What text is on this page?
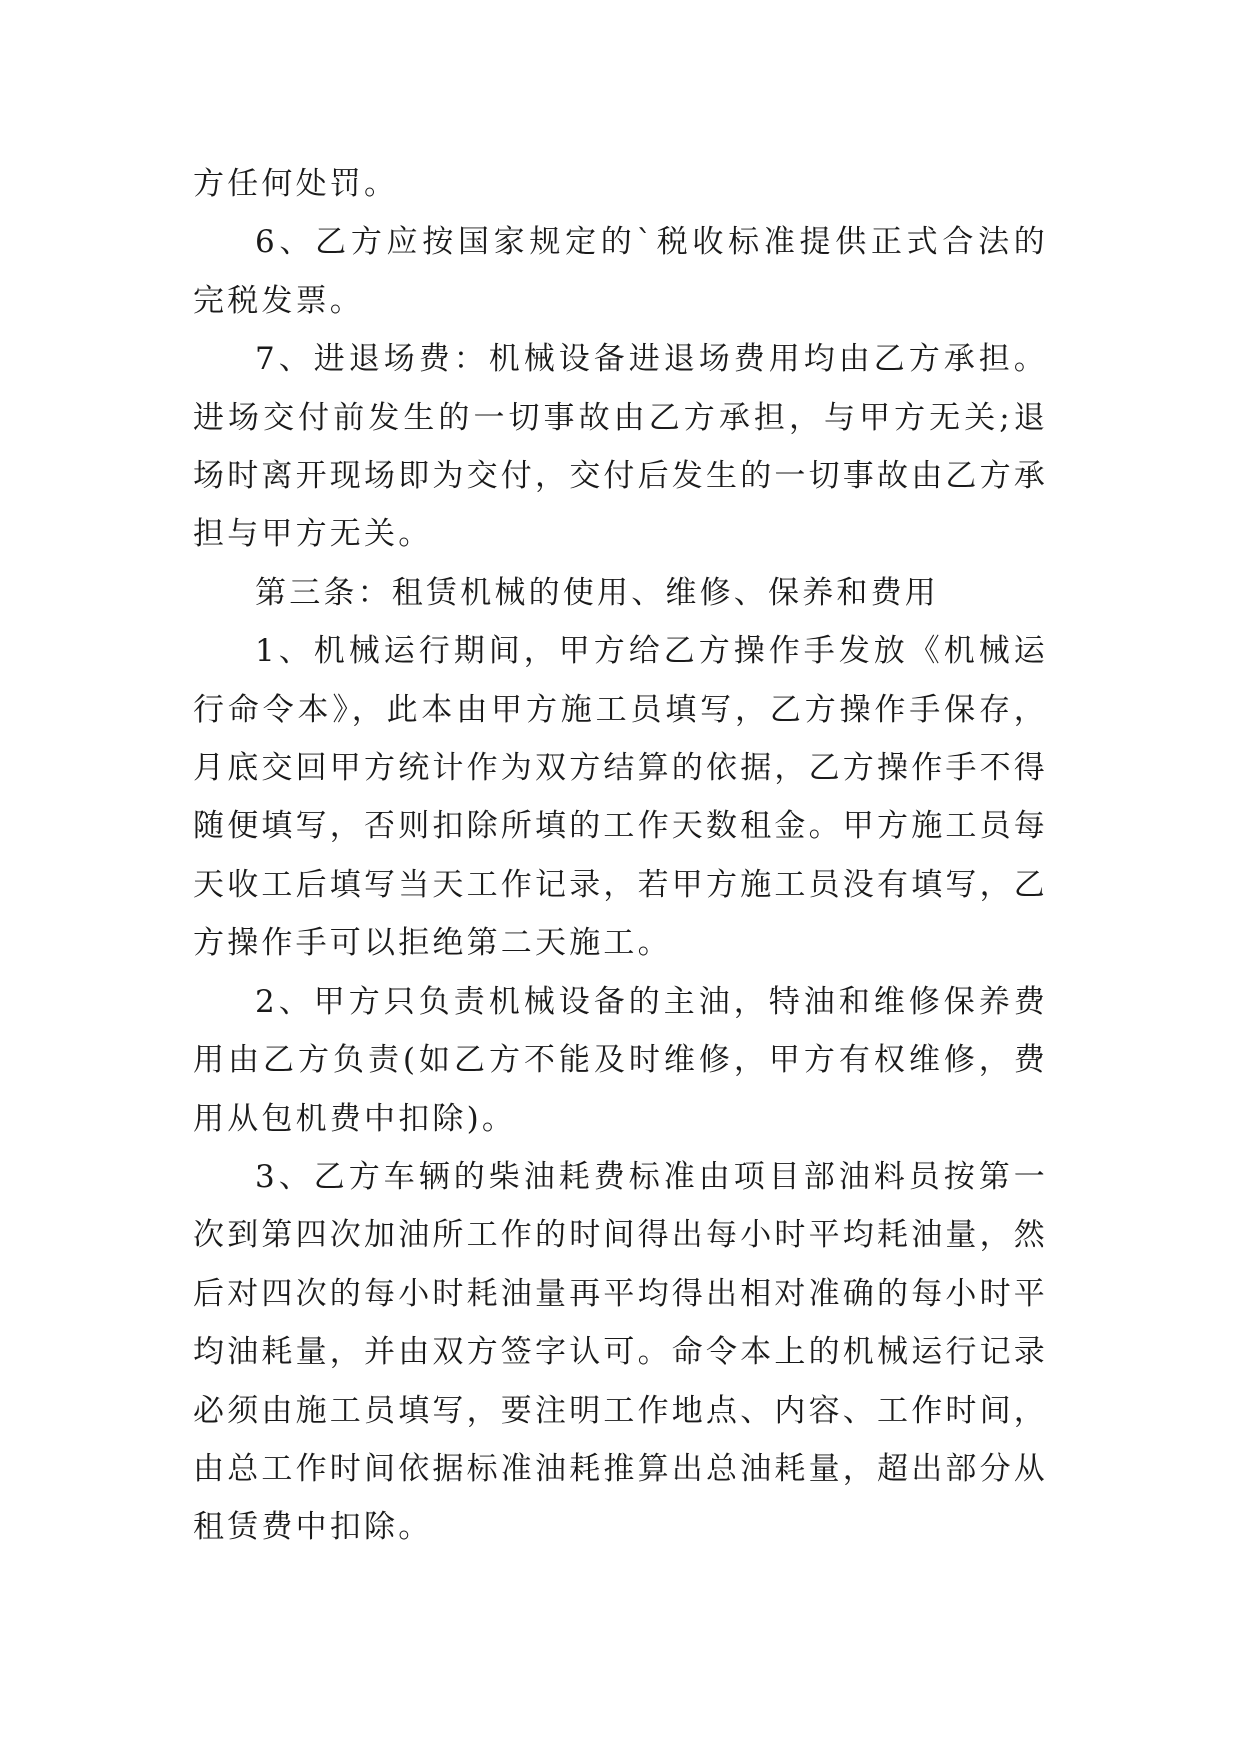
方任何处罚。

6、乙方应按国家规定的`税收标准提供正式合法的完税发票。

7、进退场费：机械设备进退场费用均由乙方承担。进场交付前发生的一切事故由乙方承担，与甲方无关;退场时离开现场即为交付，交付后发生的一切事故由乙方承担与甲方无关。

第三条：租赁机械的使用、维修、保养和费用

1、机械运行期间，甲方给乙方操作手发放《机械运行命令本》，此本由甲方施工员填写，乙方操作手保存，月底交回甲方统计作为双方结算的依据，乙方操作手不得随便填写，否则扣除所填的工作天数租金。甲方施工员每天收工后填写当天工作记录，若甲方施工员没有填写，乙方操作手可以拒绝第二天施工。

2、甲方只负责机械设备的主油，特油和维修保养费用由乙方负责(如乙方不能及时维修，甲方有权维修，费用从包机费中扣除)。

3、乙方车辆的柴油耗费标准由项目部油料员按第一次到第四次加油所工作的时间得出每小时平均耗油量，然后对四次的每小时耗油量再平均得出相对准确的每小时平均油耗量，并由双方签字认可。命令本上的机械运行记录必须由施工员填写，要注明工作地点、内容、工作时间，由总工作时间依据标准油耗推算出总油耗量，超出部分从租赁费中扣除。
